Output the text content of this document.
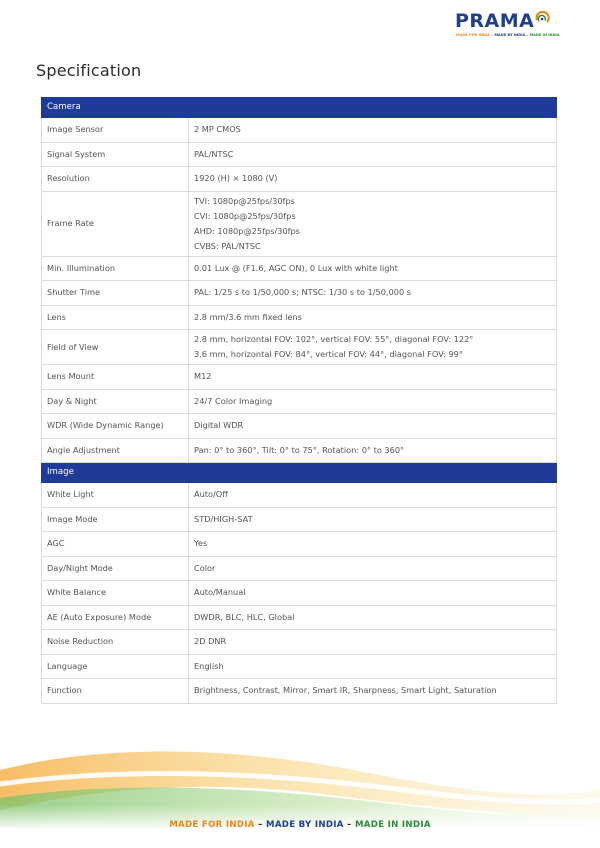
PRAMA
MADE FOR INDIA – MADE BY INDIA – MADE IN INDIA
Specification
Camera	
Image Sensor	2 MP CMOS

Signal System	PAL/NTSC

Resolution	1920 (H) × 1080 (V)

Frame Rate	TVI: 1080p@25fps/30fps
CVI: 1080p@25fps/30fps
AHD: 1080p@25fps/30fps
CVBS: PAL/NTSC

Min. Illumination	0.01 Lux @ (F1.6, AGC ON), 0 Lux with white light

Shutter Time	PAL: 1/25 s to 1/50,000 s; NTSC: 1/30 s to 1/50,000 s

Lens	2.8 mm/3.6 mm fixed lens

Field of View	2.8 mm, horizontal FOV: 102°, vertical FOV: 55°, diagonal FOV: 122°
3.6 mm, horizontal FOV: 84°, vertical FOV: 44°, diagonal FOV: 99°

Lens Mount	M12

Day & Night	24/7 Color Imaging

WDR (Wide Dynamic Range)	Digital WDR

Angle Adjustment	Pan: 0° to 360°, Tilt: 0° to 75°, Rotation: 0° to 360°

Image	
White Light	Auto/Off

Image Mode	STD/HIGH-SAT

AGC	Yes

Day/Night Mode	Color

White Balance	Auto/Manual

AE (Auto Exposure) Mode	DWDR, BLC, HLC, Global

Noise Reduction	2D DNR

Language	English

Function	Brightness, Contrast, Mirror, Smart IR, Sharpness, Smart Light, Saturation
MADE FOR INDIA – MADE BY INDIA – MADE IN INDIA
